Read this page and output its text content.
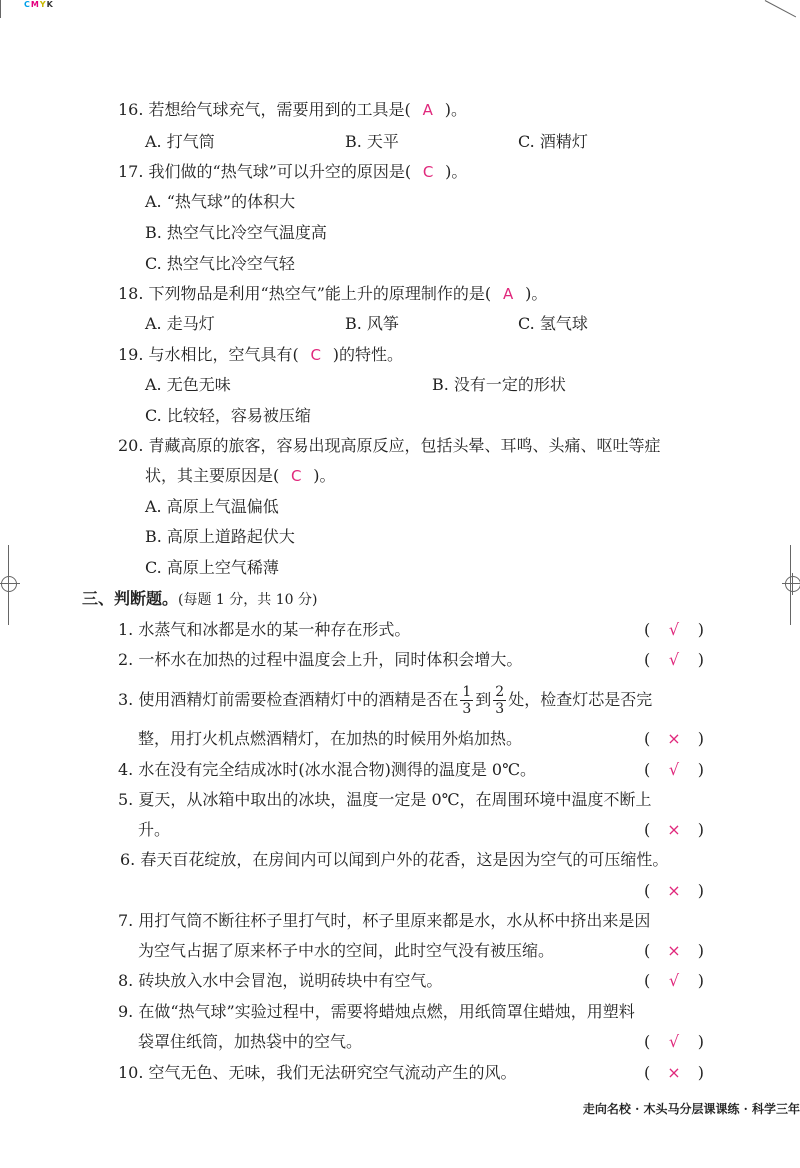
CMYK
16. 若想给气球充气，需要用到的工具是( A )。
A. 打气筒	B. 天平	C. 酒精灯
17. 我们做的“热气球”可以升空的原因是( C )。
A. “热气球”的体积大
B. 热空气比冷空气温度高
C. 热空气比冷空气轻
18. 下列物品是利用“热空气”能上升的原理制作的是( A )。
A. 走马灯	B. 风筝	C. 氢气球
19. 与水相比，空气具有( C )的特性。
A. 无色无味	B. 没有一定的形状
C. 比较轻，容易被压缩
20. 青藏高原的旅客，容易出现高原反应，包括头晕、耳鸣、头痛、呕吐等症
状，其主要原因是( C )。
A. 高原上气温偏低
B. 高原上道路起伏大
C. 高原上空气稀薄
三、判断题。(每题 1 分，共 10 分)
1. 水蒸气和冰都是水的某一种存在形式。	( √ )
2. 一杯水在加热的过程中温度会上升，同时体积会增大。	( √ )
3. 使用酒精灯前需要检查酒精灯中的酒精是否在 $\frac{1}{3}$ 到 $\frac{2}{3}$ 处，检查灯芯是否完
整，用打火机点燃酒精灯，在加热的时候用外焰加热。	( × )
4. 水在没有完全结成冰时(冰水混合物)测得的温度是 0℃。	( √ )
5. 夏天，从冰箱中取出的冰块，温度一定是 0℃，在周围环境中温度不断上
升。	( × )
6. 春天百花绽放，在房间内可以闻到户外的花香，这是因为空气的可压缩性。
( × )
7. 用打气筒不断往杯子里打气时，杯子里原来都是水，水从杯中挤出来是因
为空气占据了原来杯子中水的空间，此时空气没有被压缩。	( × )
8. 砖块放入水中会冒泡，说明砖块中有空气。	( √ )
9. 在做“热气球”实验过程中，需要将蜡烛点燃，用纸筒罩住蜡烛，用塑料
袋罩住纸筒，加热袋中的空气。	( √ )
10. 空气无色、无味，我们无法研究空气流动产生的风。	( × )
走向名校 · 木头马分层课课练 · 科学三年
